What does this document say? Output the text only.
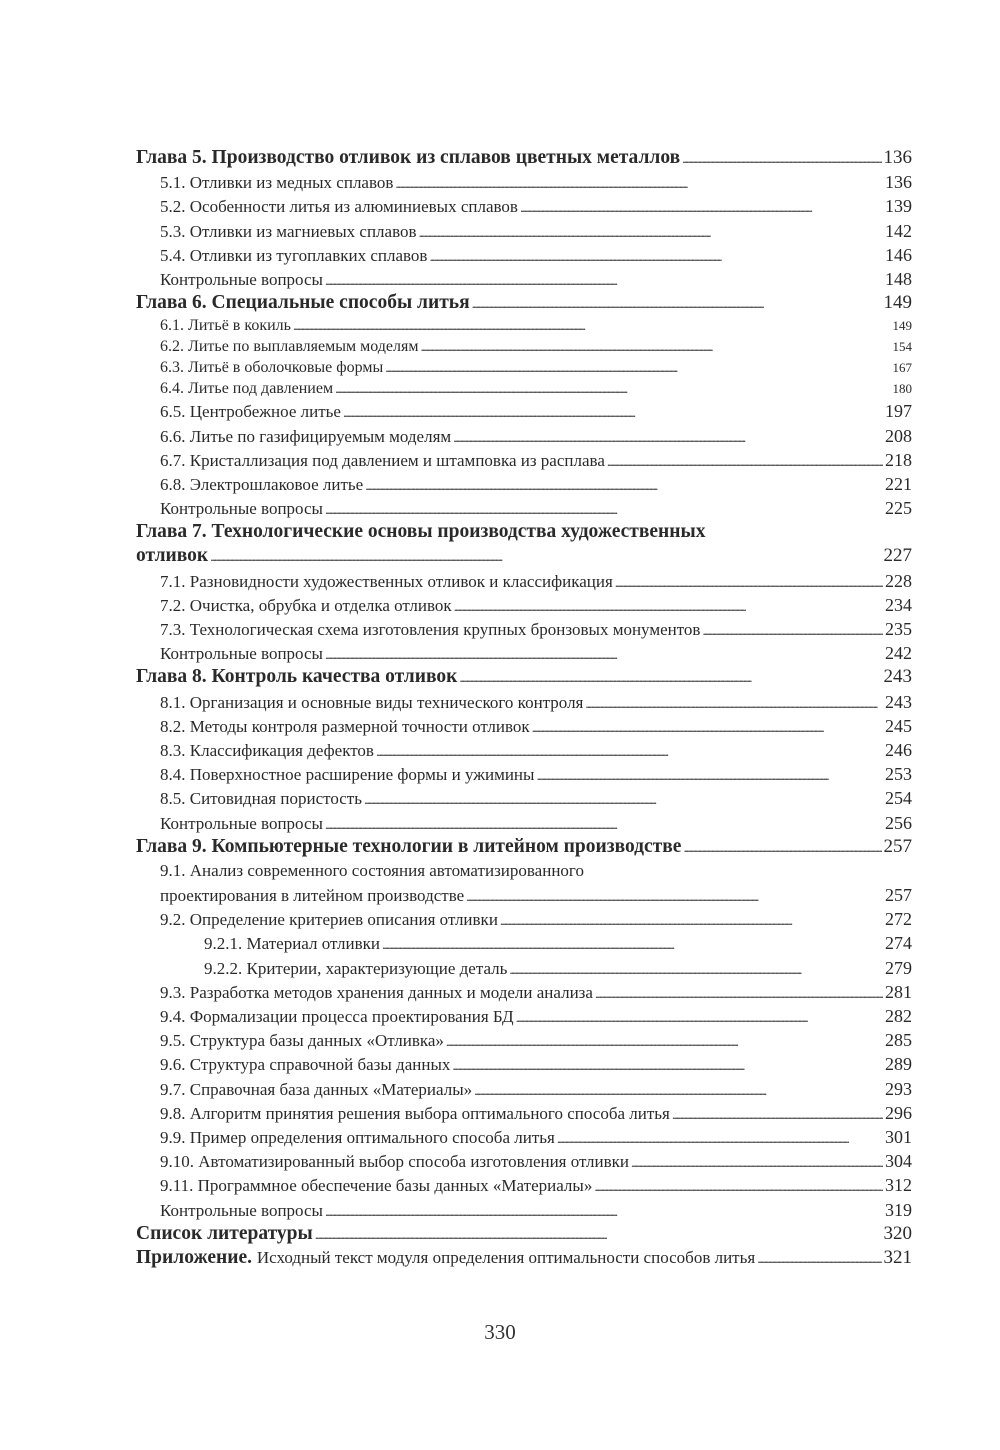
Глава 5. Производство отливок из сплавов цветных металлов . . .	136
5.1. Отливки из медных сплавов . . .	136
5.2. Особенности литья из алюминиевых сплавов . . .	139
5.3. Отливки из магниевых сплавов . . .	142
5.4. Отливки из тугоплавких сплавов . . .	146
Контрольные вопросы . . .	148
Глава 6. Специальные способы литья . . .	149
6.1. Литьё в кокиль . . .	149
6.2. Литье по выплавляемым моделям . . .	154
6.3. Литьё в оболочковые формы . . .	167
6.4. Литье под давлением . . .	180
6.5. Центробежное литье . . .	197
6.6. Литье по газифицируемым моделям . . .	208
6.7. Кристаллизация под давлением и штамповка из расплава . . .	218
6.8. Электрошлаковое литье . . .	221
Контрольные вопросы . . .	225
Глава 7. Технологические основы производства художественных
отливок . . .	227
7.1. Разновидности художественных отливок и классификация . . .	228
7.2. Очистка, обрубка и отделка отливок . . .	234
7.3. Технологическая схема изготовления крупных бронзовых монументов . . .	235
Контрольные вопросы . . .	242
Глава 8. Контроль качества отливок . . .	243
8.1. Организация и основные виды технического контроля . . .	243
8.2. Методы контроля размерной точности отливок . . .	245
8.3. Классификация дефектов . . .	246
8.4. Поверхностное расширение формы и ужимины . . .	253
8.5. Ситовидная пористость . . .	254
Контрольные вопросы . . .	256
Глава 9. Компьютерные технологии в литейном производстве . . .	257
9.1. Анализ современного состояния автоматизированного
проектирования в литейном производстве . . .	257
9.2. Определение критериев описания отливки . . .	272
9.2.1. Материал отливки . . .	274
9.2.2. Критерии, характеризующие деталь . . .	279
9.3. Разработка методов хранения данных и модели анализа . . .	281
9.4. Формализации процесса проектирования БД . . .	282
9.5. Структура базы данных «Отливка» . . .	285
9.6. Структура справочной базы данных . . .	289
9.7. Справочная база данных «Материалы» . . .	293
9.8. Алгоритм принятия решения выбора оптимального способа литья . . .	296
9.9. Пример определения оптимального способа литья . . .	301
9.10. Автоматизированный выбор способа изготовления отливки . . .	304
9.11. Программное обеспечение базы данных «Материалы» . . .	312
Контрольные вопросы . . .	319
Список литературы . . .	320
Приложение. Исходный текст модуля определения оптимальности способов литья . . .	321
330
